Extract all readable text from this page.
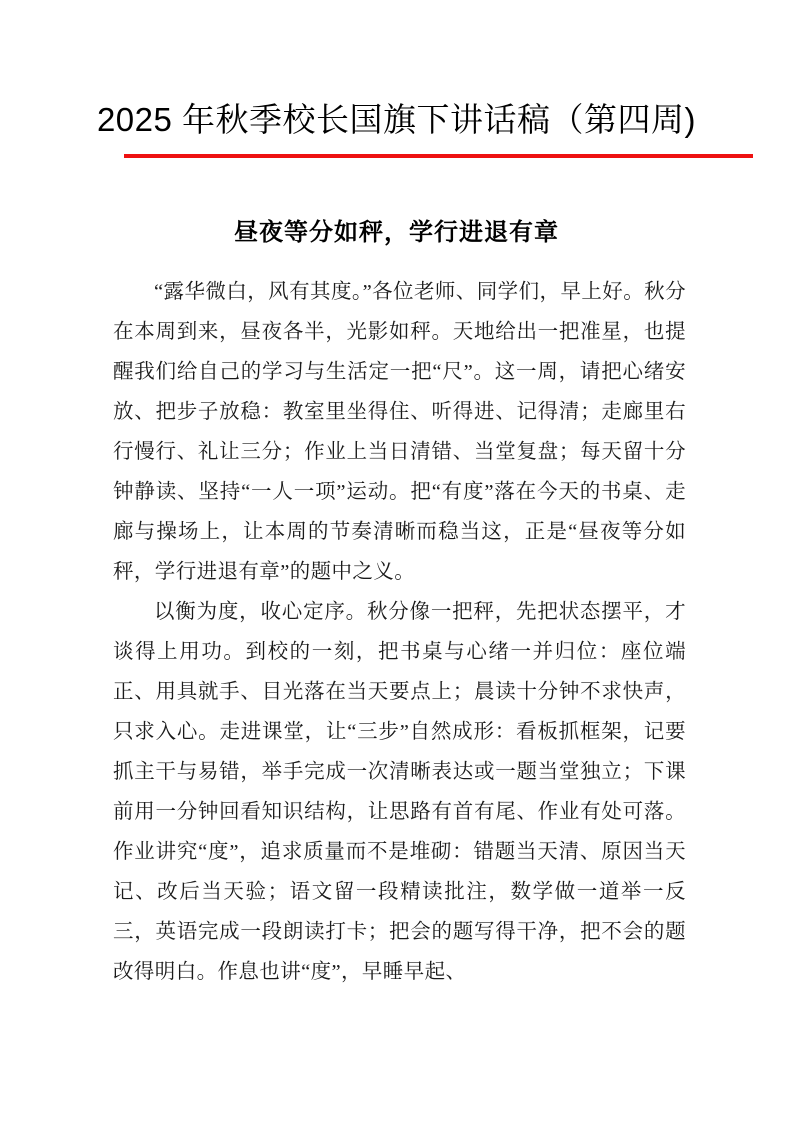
2025 年秋季校长国旗下讲话稿（第四周)
昼夜等分如秤，学行进退有章

“露华微白，风有其度。”各位老师、同学们，早上好。秋分在本周到来，昼夜各半，光影如秤。天地给出一把准星，也提醒我们给自己的学习与生活定一把“尺”。这一周，请把心绪安放、把步子放稳：教室里坐得住、听得进、记得清；走廊里右行慢行、礼让三分；作业上当日清错、当堂复盘；每天留十分钟静读、坚持“一人一项”运动。把“有度”落在今天的书桌、走廊与操场上，让本周的节奏清晰而稳当这，正是“昼夜等分如秤，学行进退有章”的题中之义。

以衡为度，收心定序。秋分像一把秤，先把状态摆平，才谈得上用功。到校的一刻，把书桌与心绪一并归位：座位端正、用具就手、目光落在当天要点上；晨读十分钟不求快声，只求入心。走进课堂，让“三步”自然成形：看板抓框架，记要抓主干与易错，举手完成一次清晰表达或一题当堂独立；下课前用一分钟回看知识结构，让思路有首有尾、作业有处可落。作业讲究“度”，追求质量而不是堆砌：错题当天清、原因当天记、改后当天验；语文留一段精读批注，数学做一道举一反三，英语完成一段朗读打卡；把会的题写得干净，把不会的题改得明白。作息也讲“度”，早睡早起、
